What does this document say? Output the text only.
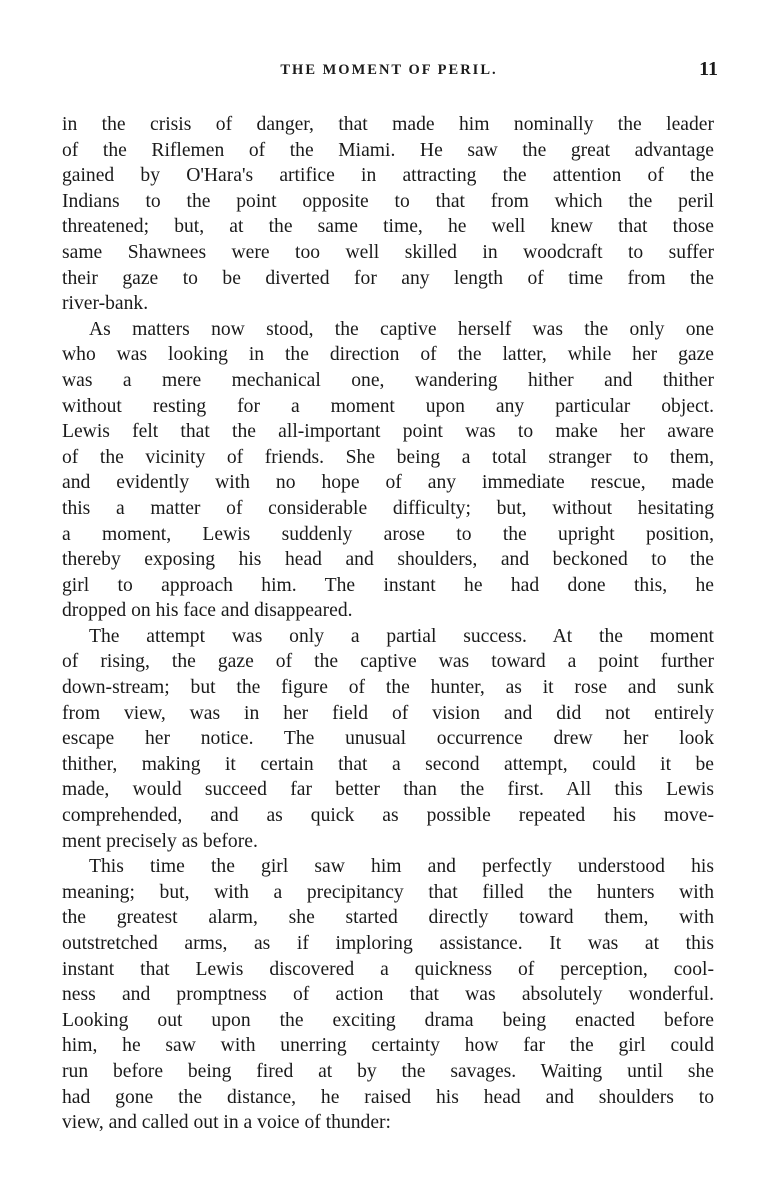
THE MOMENT OF PERIL.	11
in the crisis of danger, that made him nominally the leader
of the Riflemen of the Miami. He saw the great advantage
gained by O'Hara's artifice in attracting the attention of the
Indians to the point opposite to that from which the peril
threatened; but, at the same time, he well knew that those
same Shawnees were too well skilled in woodcraft to suffer
their gaze to be diverted for any length of time from the
river-bank.
As matters now stood, the captive herself was the only one
who was looking in the direction of the latter, while her gaze
was a mere mechanical one, wandering hither and thither
without resting for a moment upon any particular object.
Lewis felt that the all-important point was to make her aware
of the vicinity of friends. She being a total stranger to them,
and evidently with no hope of any immediate rescue, made
this a matter of considerable difficulty; but, without hesitating
a moment, Lewis suddenly arose to the upright position,
thereby exposing his head and shoulders, and beckoned to the
girl to approach him. The instant he had done this, he
dropped on his face and disappeared.
The attempt was only a partial success. At the moment
of rising, the gaze of the captive was toward a point further
down-stream; but the figure of the hunter, as it rose and sunk
from view, was in her field of vision and did not entirely
escape her notice. The unusual occurrence drew her look
thither, making it certain that a second attempt, could it be
made, would succeed far better than the first. All this Lewis
comprehended, and as quick as possible repeated his move-
ment precisely as before.
This time the girl saw him and perfectly understood his
meaning; but, with a precipitancy that filled the hunters with
the greatest alarm, she started directly toward them, with
outstretched arms, as if imploring assistance. It was at this
instant that Lewis discovered a quickness of perception, cool-
ness and promptness of action that was absolutely wonderful.
Looking out upon the exciting drama being enacted before
him, he saw with unerring certainty how far the girl could
run before being fired at by the savages. Waiting until she
had gone the distance, he raised his head and shoulders to
view, and called out in a voice of thunder:
